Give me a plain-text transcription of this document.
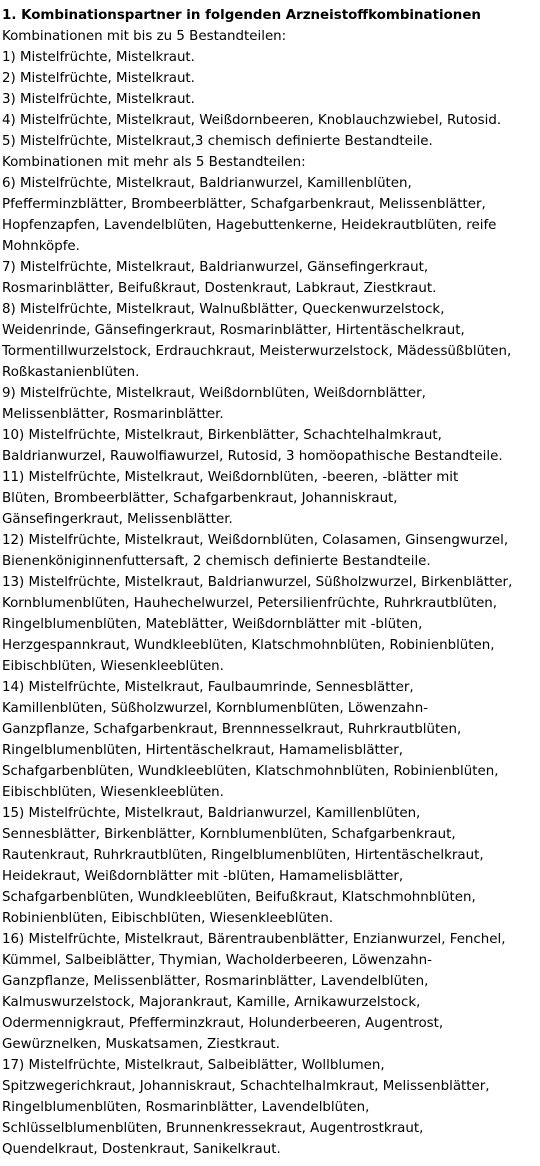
1. Kombinationspartner in folgenden Arzneistoffkombinationen
Kombinationen mit bis zu 5 Bestandteilen:
1) Mistelfrüchte, Mistelkraut.
2) Mistelfrüchte, Mistelkraut.
3) Mistelfrüchte, Mistelkraut.
4) Mistelfrüchte, Mistelkraut, Weißdornbeeren, Knoblauchzwiebel, Rutosid.
5) Mistelfrüchte, Mistelkraut,3 chemisch definierte Bestandteile.
Kombinationen mit mehr als 5 Bestandteilen:
6) Mistelfrüchte, Mistelkraut, Baldrianwurzel, Kamillenblüten,
Pfefferminzblätter, Brombeerblätter, Schafgarbenkraut, Melissenblätter,
Hopfenzapfen, Lavendelblüten, Hagebuttenkerne, Heidekrautblüten, reife
Mohnköpfe.
7) Mistelfrüchte, Mistelkraut, Baldrianwurzel, Gänsefingerkraut,
Rosmarinblätter, Beifußkraut, Dostenkraut, Labkraut, Ziestkraut.
8) Mistelfrüchte, Mistelkraut, Walnußblätter, Queckenwurzelstock,
Weidenrinde, Gänsefingerkraut, Rosmarinblätter, Hirtentäschelkraut,
Tormentillwurzelstock, Erdrauchkraut, Meisterwurzelstock, Mädessüßblüten,
Roßkastanienblüten.
9) Mistelfrüchte, Mistelkraut, Weißdornblüten, Weißdornblätter,
Melissenblätter, Rosmarinblätter.
10) Mistelfrüchte, Mistelkraut, Birkenblätter, Schachtelhalmkraut,
Baldrianwurzel, Rauwolfiawurzel, Rutosid, 3 homöopathische Bestandteile.
11) Mistelfrüchte, Mistelkraut, Weißdornblüten, -beeren, -blätter mit
Blüten, Brombeerblätter, Schafgarbenkraut, Johanniskraut,
Gänsefingerkraut, Melissenblätter.
12) Mistelfrüchte, Mistelkraut, Weißdornblüten, Colasamen, Ginsengwurzel,
Bienenköniginnenfuttersaft, 2 chemisch definierte Bestandteile.
13) Mistelfrüchte, Mistelkraut, Baldrianwurzel, Süßholzwurzel, Birkenblätter,
Kornblumenblüten, Hauhechelwurzel, Petersilienfrüchte, Ruhrkrautblüten,
Ringelblumenblüten, Mateblätter, Weißdornblätter mit -blüten,
Herzgespannkraut, Wundkleeblüten, Klatschmohnblüten, Robinienblüten,
Eibischblüten, Wiesenkleeblüten.
14) Mistelfrüchte, Mistelkraut, Faulbaumrinde, Sennesblätter,
Kamillenblüten, Süßholzwurzel, Kornblumenblüten, Löwenzahn-
Ganzpflanze, Schafgarbenkraut, Brennnesselkraut, Ruhrkrautblüten,
Ringelblumenblüten, Hirtentäschelkraut, Hamamelisblätter,
Schafgarbenblüten, Wundkleeblüten, Klatschmohnblüten, Robinienblüten,
Eibischblüten, Wiesenkleeblüten.
15) Mistelfrüchte, Mistelkraut, Baldrianwurzel, Kamillenblüten,
Sennesblätter, Birkenblätter, Kornblumenblüten, Schafgarbenkraut,
Rautenkraut, Ruhrkrautblüten, Ringelblumenblüten, Hirtentäschelkraut,
Heidekraut, Weißdornblätter mit -blüten, Hamamelisblätter,
Schafgarbenblüten, Wundkleeblüten, Beifußkraut, Klatschmohnblüten,
Robinienblüten, Eibischblüten, Wiesenkleeblüten.
16) Mistelfrüchte, Mistelkraut, Bärentraubenblätter, Enzianwurzel, Fenchel,
Kümmel, Salbeiblätter, Thymian, Wacholderbeeren, Löwenzahn-
Ganzpflanze, Melissenblätter, Rosmarinblätter, Lavendelblüten,
Kalmuswurzelstock, Majorankraut, Kamille, Arnikawurzelstock,
Odermennigkraut, Pfefferminzkraut, Holunderbeeren, Augentrost,
Gewürznelken, Muskatsamen, Ziestkraut.
17) Mistelfrüchte, Mistelkraut, Salbeiblätter, Wollblumen,
Spitzwegerichkraut, Johanniskraut, Schachtelhalmkraut, Melissenblätter,
Ringelblumenblüten, Rosmarinblätter, Lavendelblüten,
Schlüsselblumenblüten, Brunnenkressekraut, Augentrostkraut,
Quendelkraut, Dostenkraut, Sanikelkraut.
